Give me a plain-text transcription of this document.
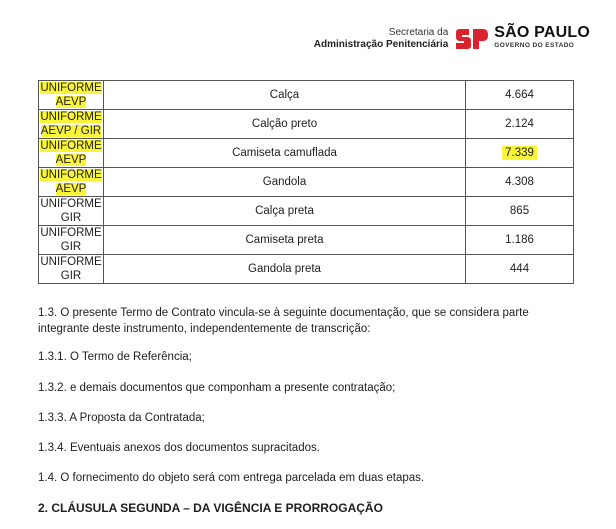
Secretaria da
Administração Penitenciária
SÃO PAULO
GOVERNO DO ESTADO
UNIFORME AEVP	Calça	4.664
UNIFORME AEVP / GIR	Calção preto	2.124
UNIFORME AEVP	Camiseta camuflada	7.339
UNIFORME AEVP	Gandola	4.308
UNIFORME GIR	Calça preta	865
UNIFORME GIR	Camiseta preta	1.186
UNIFORME GIR	Gandola preta	444

1.3. O presente Termo de Contrato vincula-se à seguinte documentação, que se considera parte integrante deste instrumento, independentemente de transcrição:

1.3.1. O Termo de Referência;

1.3.2. e demais documentos que componham a presente contratação;

1.3.3. A Proposta da Contratada;

1.3.4. Eventuais anexos dos documentos supracitados.

1.4. O fornecimento do objeto será com entrega parcelada em duas etapas.

2. CLÁUSULA SEGUNDA – DA VIGÊNCIA E PRORROGAÇÃO
